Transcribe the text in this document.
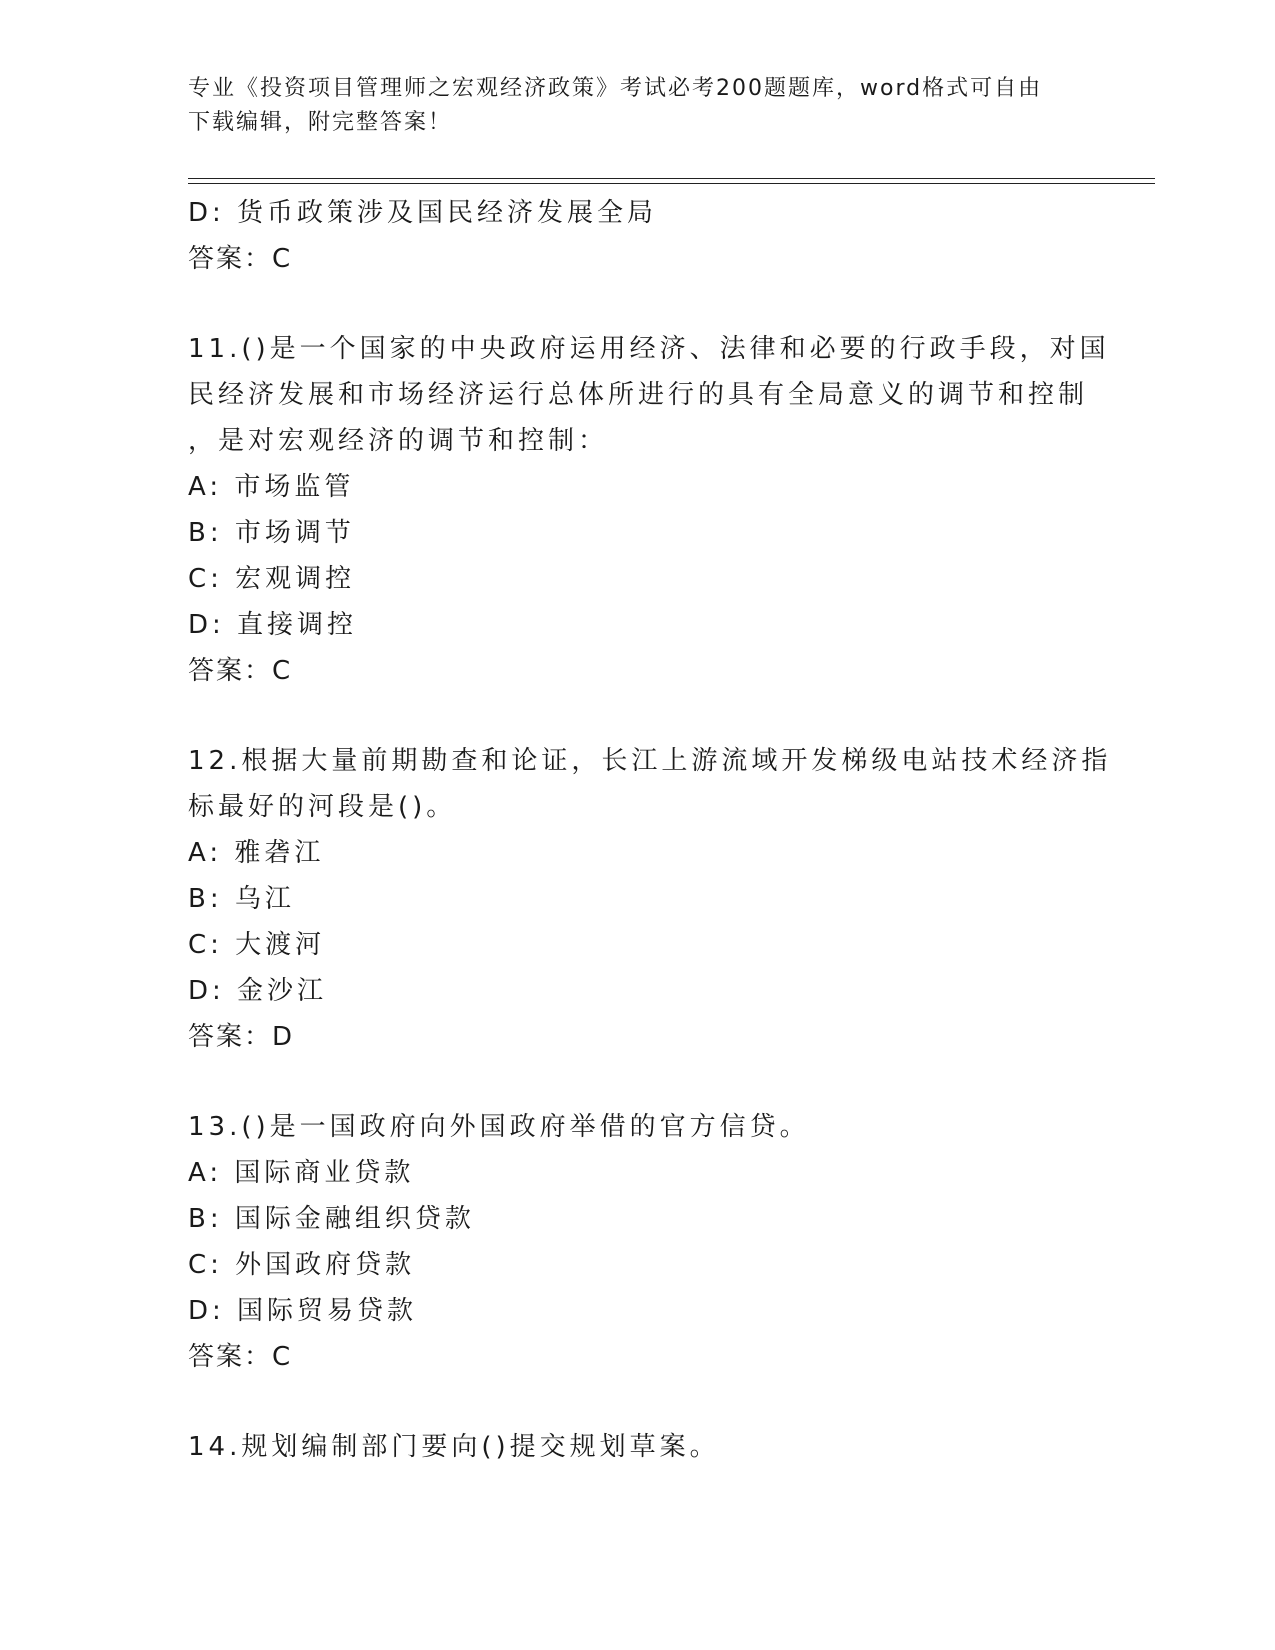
专业《投资项目管理师之宏观经济政策》考试必考200题题库，word格式可自由
下载编辑，附完整答案！
D: 货币政策涉及国民经济发展全局
答案：C
11.()是一个国家的中央政府运用经济、法律和必要的行政手段，对国
民经济发展和市场经济运行总体所进行的具有全局意义的调节和控制
，是对宏观经济的调节和控制：
A: 市场监管
B: 市场调节
C: 宏观调控
D: 直接调控
答案：C
12.根据大量前期勘查和论证，长江上游流域开发梯级电站技术经济指
标最好的河段是()。
A: 雅砻江
B: 乌江
C: 大渡河
D: 金沙江
答案：D
13.()是一国政府向外国政府举借的官方信贷。
A: 国际商业贷款
B: 国际金融组织贷款
C: 外国政府贷款
D: 国际贸易贷款
答案：C
14.规划编制部门要向()提交规划草案。
